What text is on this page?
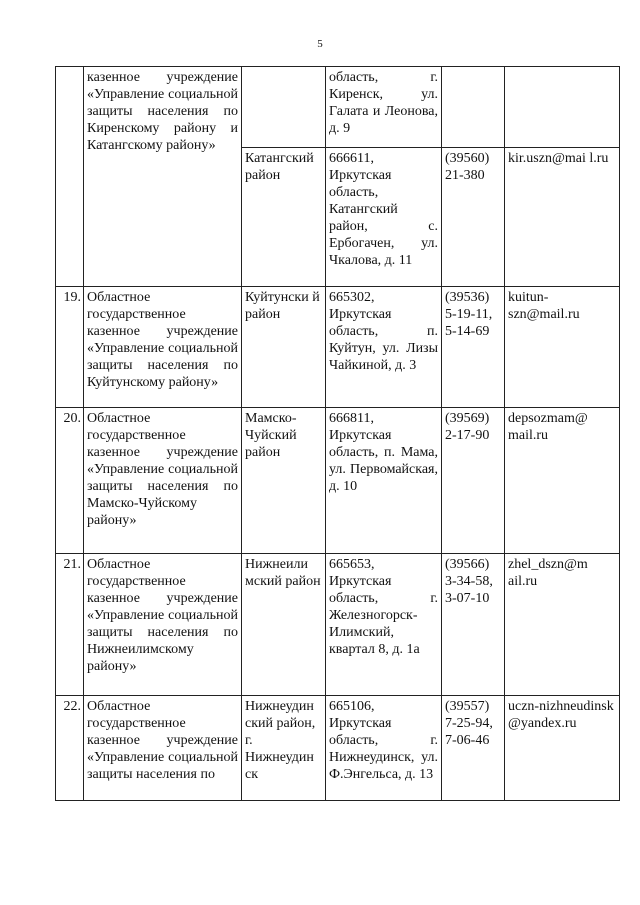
5
	казенное учреждение «Управление социальной защиты населения по Киренскому району и Катангскому району»		область, г. Киренск, ул. Галата и Леонова, д. 9		
		Катангский район	666611, Иркутская область, Катангский район, с. Ербогачен, ул. Чкалова, д. 11	(39560) 21-380	kir.uszn@mai l.ru
19.	Областное государственное казенное учреждение «Управление социальной защиты населения по Куйтунскому району»	Куйтунски й район	665302, Иркутская область, п. Куйтун, ул. Лизы Чайкиной, д. 3	(39536) 5-19-11, 5-14-69	kuitun-szn@mail.ru
20.	Областное государственное казенное учреждение «Управление социальной защиты населения по Мамско-Чуйскому району»	Мамско-Чуйский район	666811, Иркутская область, п. Мама, ул. Первомайская, д. 10	(39569) 2-17-90	depsozmam@ mail.ru
21.	Областное государственное казенное учреждение «Управление социальной защиты населения по Нижнеилимскому району»	Нижнеили мский район	665653, Иркутская область, г. Железногорск-Илимский, квартал 8, д. 1а	(39566) 3-34-58, 3-07-10	zhel_dszn@m ail.ru
22.	Областное государственное казенное учреждение «Управление социальной защиты населения по	Нижнеудин ский район, г. Нижнеудин ск	665106, Иркутская область, г. Нижнеудинск, ул. Ф.Энгельса, д. 13	(39557) 7-25-94, 7-06-46	uczn-nizhneudinsk @yandex.ru
